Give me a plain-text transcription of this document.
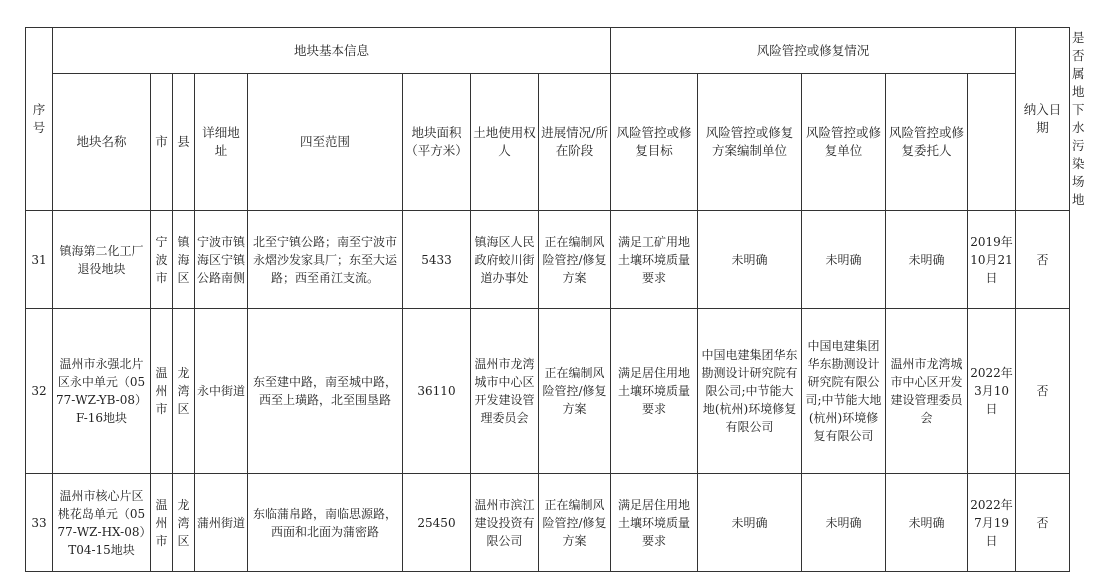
序号	地块基本信息								风险管控或修复情况					纳入日期	是否属地下水污染场地
	地块名称	市	县	详细地址	四至范围	地块面积（平方米）	土地使用权人	进展情况/所在阶段	风险管控或修复目标	风险管控或修复方案编制单位	风险管控或修复单位	风险管控或修复委托人			
31	镇海第二化工厂退役地块	宁波市	镇海区	宁波市镇海区宁镇公路南侧	北至宁镇公路；南至宁波市永熠沙发家具厂；东至大运路；西至甬江支流。	5433	镇海区人民政府蛟川街道办事处	正在编制风险管控/修复方案	满足工矿用地土壤环境质量要求	未明确	未明确	未明确	2019年10月21日	否	
32	温州市永强北片区永中单元（0577-WZ-YB-08）F-16地块	温州市	龙湾区	永中街道	东至建中路，南至城中路，西至上璜路，北至围垦路	36110	温州市龙湾城市中心区开发建设管理委员会	正在编制风险管控/修复方案	满足居住用地土壤环境质量要求	中国电建集团华东勘测设计研究院有限公司;中节能大地(杭州)环境修复有限公司	中国电建集团华东勘测设计研究院有限公司;中节能大地(杭州)环境修复有限公司	温州市龙湾城市中心区开发建设管理委员会	2022年3月10日	否	
33	温州市核心片区桃花岛单元（0577-WZ-HX-08）T04-15地块	温州市	龙湾区	蒲州街道	东临蒲帛路，南临思源路，西面和北面为蒲密路	25450	温州市滨江建设投资有限公司	正在编制风险管控/修复方案	满足居住用地土壤环境质量要求	未明确	未明确	未明确	2022年7月19日	否	
